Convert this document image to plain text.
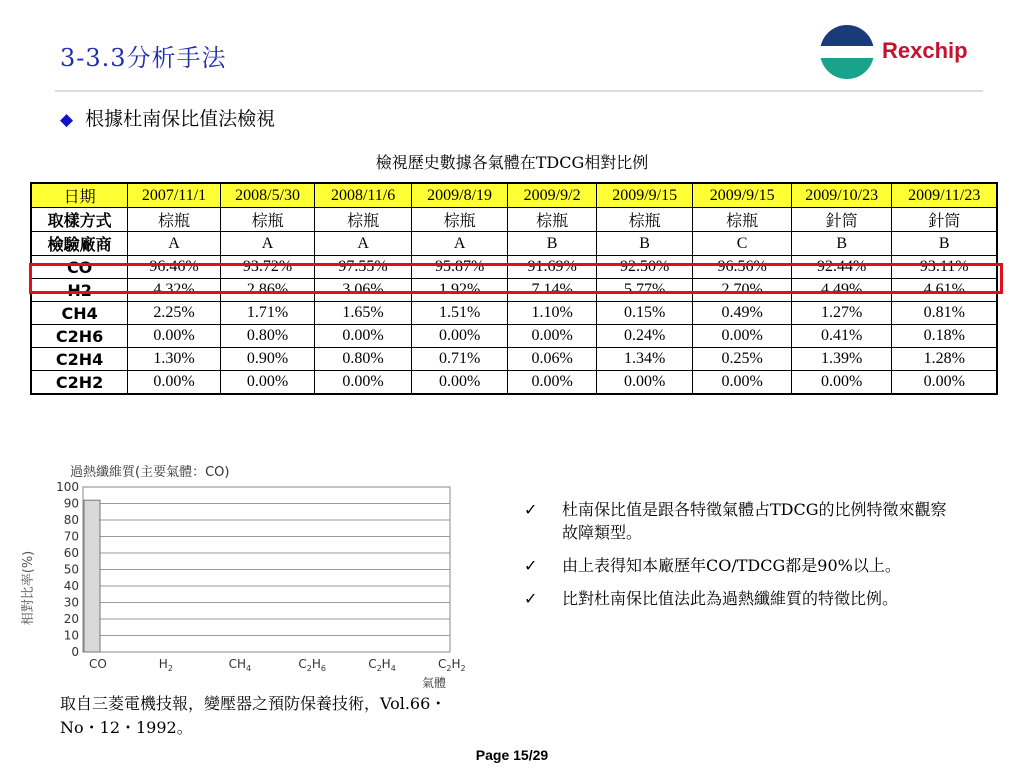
3-3.3分析手法	Rexchip
◆ 根據杜南保比值法檢視
檢視歷史數據各氣體在TDCG相對比例
日期	2007/11/1	2008/5/30	2008/11/6	2009/8/19	2009/9/2	2009/9/15	2009/9/15	2009/10/23	2009/11/23
取樣方式	棕瓶	棕瓶	棕瓶	棕瓶	棕瓶	棕瓶	棕瓶	針筒	針筒
檢驗廠商	A	A	A	A	B	B	C	B	B
CO	96.46%	93.72%	97.55%	95.87%	91.69%	92.50%	96.56%	92.44%	93.11%
H2	4.32%	2.86%	3.06%	1.92%	7.14%	5.77%	2.70%	4.49%	4.61%
CH4	2.25%	1.71%	1.65%	1.51%	1.10%	0.15%	0.49%	1.27%	0.81%
C2H6	0.00%	0.80%	0.00%	0.00%	0.00%	0.24%	0.00%	0.41%	0.18%
C2H4	1.30%	0.90%	0.80%	0.71%	0.06%	1.34%	0.25%	1.39%	1.28%
C2H2	0.00%	0.00%	0.00%	0.00%	0.00%	0.00%	0.00%	0.00%	0.00%
過熱纖維質(主要氣體：CO)
相對比率(%)
0
10
20
30
40
50
60
70
80
90
100
CO	$H_2$	$CH_4$	$C_2H_6$	$C_2H_4$	$C_2H_2$
氣體
取自三菱電機技報，變壓器之預防保養技術，Vol.66・No・12・1992。
✓ 杜南保比值是跟各特徵氣體占TDCG的比例特徵來觀察故障類型。
✓ 由上表得知本廠歷年CO/TDCG都是90%以上。
✓ 比對杜南保比值法此為過熱纖維質的特徵比例。
Page 15/29
